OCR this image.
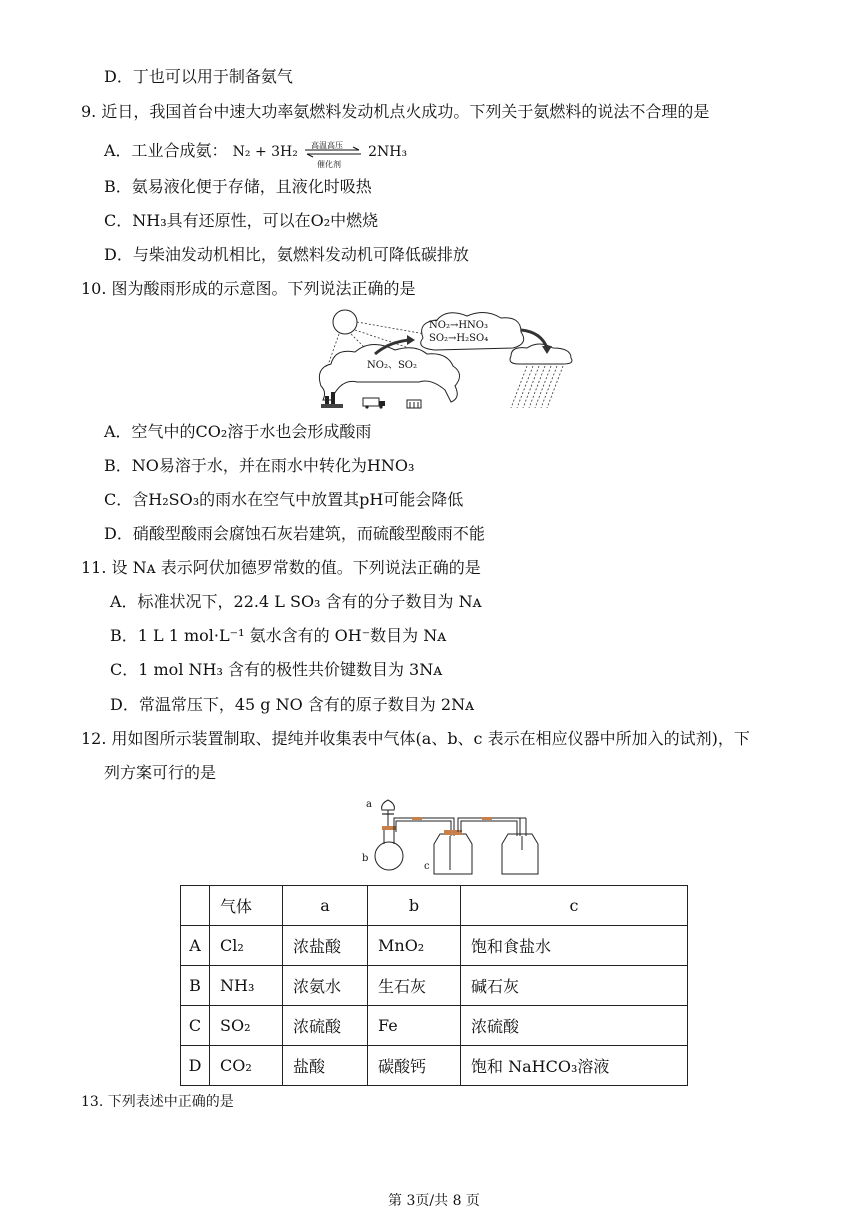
D．丁也可以用于制备氨气
9. 近日，我国首台中速大功率氨燃料发动机点火成功。下列关于氨燃料的说法不合理的是
A．工业合成氨： N₂ + 3H₂ 高温高压
催化剂
2NH₃
B．氨易液化便于存储，且液化时吸热
C．NH₃具有还原性，可以在O₂中燃烧
D．与柴油发动机相比，氨燃料发动机可降低碳排放
10. 图为酸雨形成的示意图。下列说法正确的是
NO₂→HNO₃
SO₂→H₂SO₄
NO₂、SO₂
A．空气中的CO₂溶于水也会形成酸雨
B．NO易溶于水，并在雨水中转化为HNO₃
C．含H₂SO₃的雨水在空气中放置其pH可能会降低
D．硝酸型酸雨会腐蚀石灰岩建筑，而硫酸型酸雨不能
11. 设 Nᴀ 表示阿伏加德罗常数的值。下列说法正确的是
A．标准状况下，22.4 L SO₃ 含有的分子数目为 Nᴀ
B．1 L 1 mol·L⁻¹ 氨水含有的 OH⁻数目为 Nᴀ
C．1 mol NH₃ 含有的极性共价键数目为 3Nᴀ
D．常温常压下，45 g NO 含有的原子数目为 2Nᴀ
12. 用如图所示装置制取、提纯并收集表中气体(a、b、c 表示在相应仪器中所加入的试剂)，下
列方案可行的是
a
b
c
	气体	a	b	c
A	Cl₂	浓盐酸	MnO₂	饱和食盐水
B	NH₃	浓氨水	生石灰	碱石灰
C	SO₂	浓硫酸	Fe	浓硫酸
D	CO₂	盐酸	碳酸钙	饱和 NaHCO₃溶液
13. 下列表述中正确的是
第 3页/共 8 页
